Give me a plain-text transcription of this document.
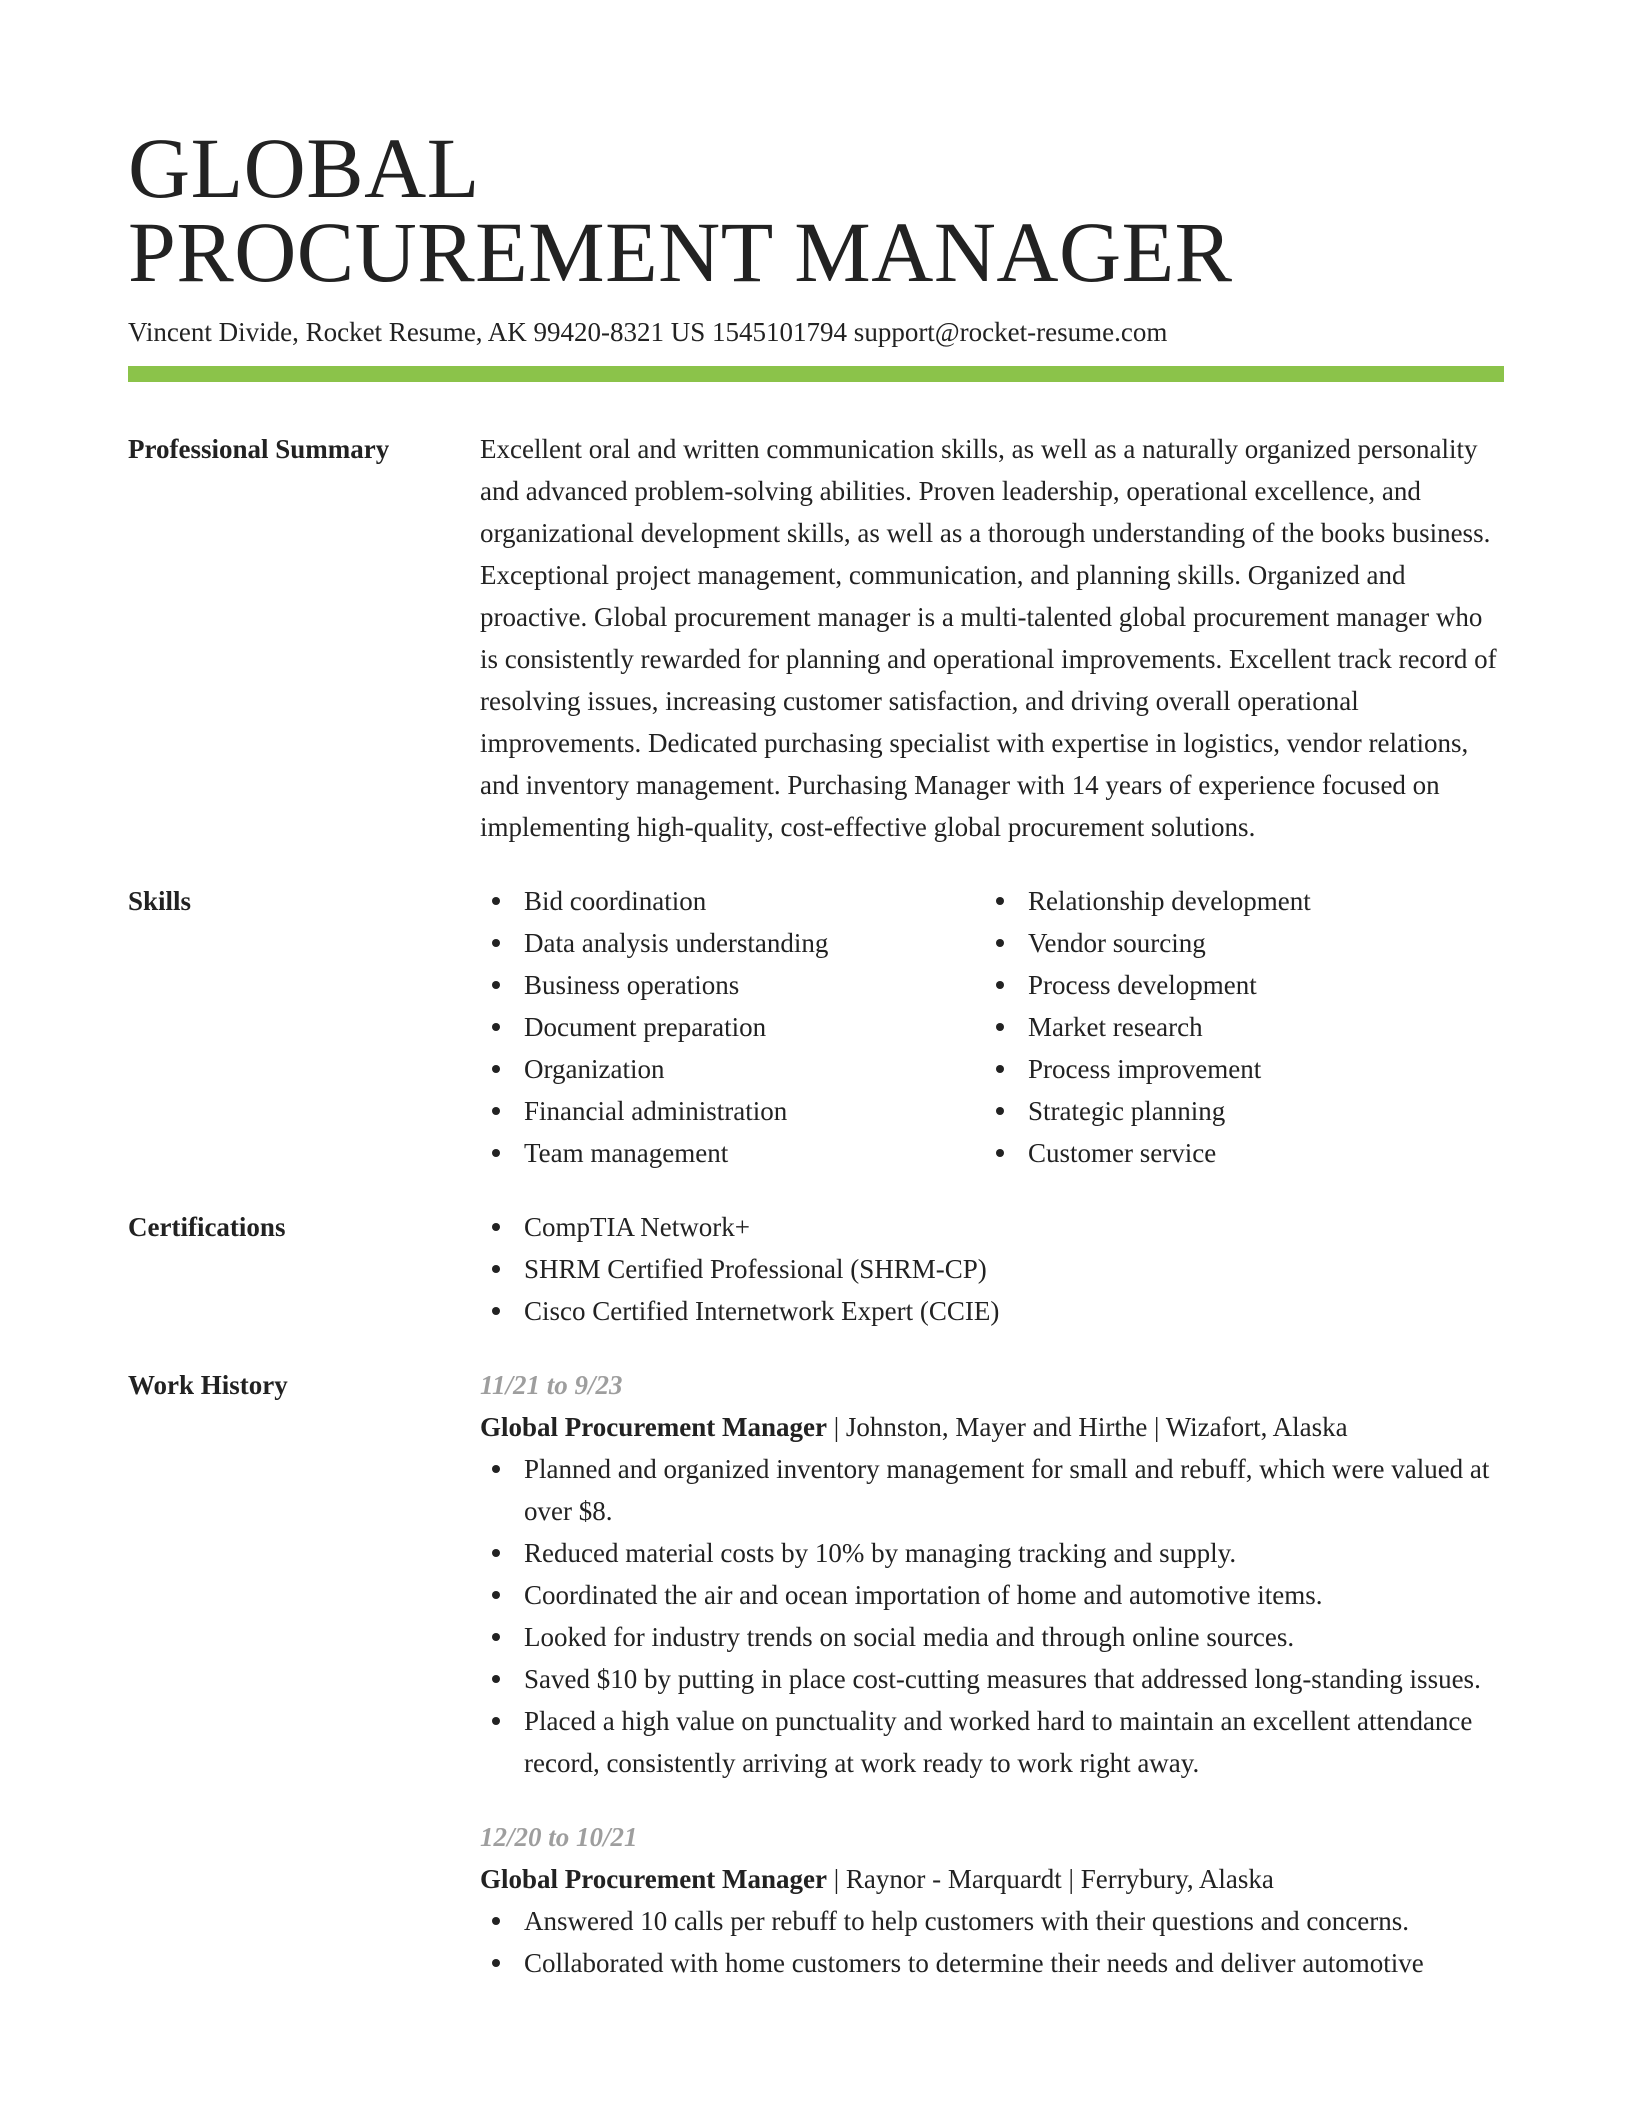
GLOBAL
PROCUREMENT MANAGER
Vincent Divide, Rocket Resume, AK 99420-8321 US 1545101794 support@rocket-resume.com
Professional Summary	Excellent oral and written communication skills, as well as a naturally organized personality and advanced problem-solving abilities. Proven leadership, operational excellence, and organizational development skills, as well as a thorough understanding of the books business. Exceptional project management, communication, and planning skills. Organized and proactive. Global procurement manager is a multi-talented global procurement manager who is consistently rewarded for planning and operational improvements. Excellent track record of resolving issues, increasing customer satisfaction, and driving overall operational improvements. Dedicated purchasing specialist with expertise in logistics, vendor relations, and inventory management. Purchasing Manager with 14 years of experience focused on implementing high-quality, cost-effective global procurement solutions.
Skills	Bid coordination
Data analysis understanding
Business operations
Document preparation
Organization
Financial administration
Team management
Relationship development
Vendor sourcing
Process development
Market research
Process improvement
Strategic planning
Customer service
Certifications	CompTIA Network+
SHRM Certified Professional (SHRM-CP)
Cisco Certified Internetwork Expert (CCIE)
Work History	11/21 to 9/23
Global Procurement Manager | Johnston, Mayer and Hirthe | Wizafort, Alaska
Planned and organized inventory management for small and rebuff, which were valued at over $8.
Reduced material costs by 10% by managing tracking and supply.
Coordinated the air and ocean importation of home and automotive items.
Looked for industry trends on social media and through online sources.
Saved $10 by putting in place cost-cutting measures that addressed long-standing issues.
Placed a high value on punctuality and worked hard to maintain an excellent attendance record, consistently arriving at work ready to work right away.
12/20 to 10/21
Global Procurement Manager | Raynor - Marquardt | Ferrybury, Alaska
Answered 10 calls per rebuff to help customers with their questions and concerns.
Collaborated with home customers to determine their needs and deliver automotive
